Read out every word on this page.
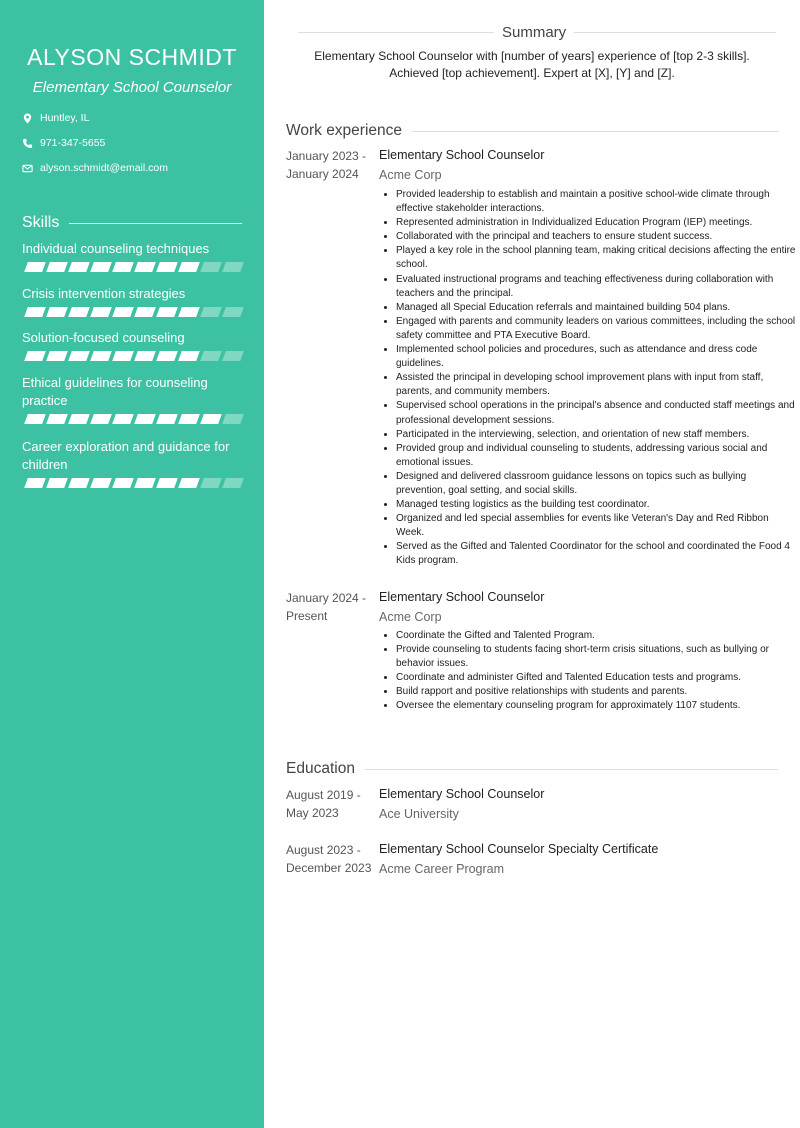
ALYSON SCHMIDT
Elementary School Counselor
Huntley, IL
971-347-5655
alyson.schmidt@email.com
Skills
Individual counseling techniques
Crisis intervention strategies
Solution-focused counseling
Ethical guidelines for counseling practice
Career exploration and guidance for children
Summary
Elementary School Counselor with [number of years] experience of [top 2-3 skills]. Achieved [top achievement]. Expert at [X], [Y] and [Z].
Work experience
January 2023 -
January 2024
Elementary School Counselor
Acme Corp
• Provided leadership to establish and maintain a positive school-wide climate through effective stakeholder interactions.
• Represented administration in Individualized Education Program (IEP) meetings.
• Collaborated with the principal and teachers to ensure student success.
• Played a key role in the school planning team, making critical decisions affecting the entire school.
• Evaluated instructional programs and teaching effectiveness during collaboration with teachers and the principal.
• Managed all Special Education referrals and maintained building 504 plans.
• Engaged with parents and community leaders on various committees, including the school safety committee and PTA Executive Board.
• Implemented school policies and procedures, such as attendance and dress code guidelines.
• Assisted the principal in developing school improvement plans with input from staff, parents, and community members.
• Supervised school operations in the principal's absence and conducted staff meetings and professional development sessions.
• Participated in the interviewing, selection, and orientation of new staff members.
• Provided group and individual counseling to students, addressing various social and emotional issues.
• Designed and delivered classroom guidance lessons on topics such as bullying prevention, goal setting, and social skills.
• Managed testing logistics as the building test coordinator.
• Organized and led special assemblies for events like Veteran's Day and Red Ribbon Week.
• Served as the Gifted and Talented Coordinator for the school and coordinated the Food 4 Kids program.
January 2024 -
Present
Elementary School Counselor
Acme Corp
• Coordinate the Gifted and Talented Program.
• Provide counseling to students facing short-term crisis situations, such as bullying or behavior issues.
• Coordinate and administer Gifted and Talented Education tests and programs.
• Build rapport and positive relationships with students and parents.
• Oversee the elementary counseling program for approximately 1107 students.
Education
August 2019 -
May 2023
Elementary School Counselor
Ace University
August 2023 -
December 2023
Elementary School Counselor Specialty Certificate
Acme Career Program
